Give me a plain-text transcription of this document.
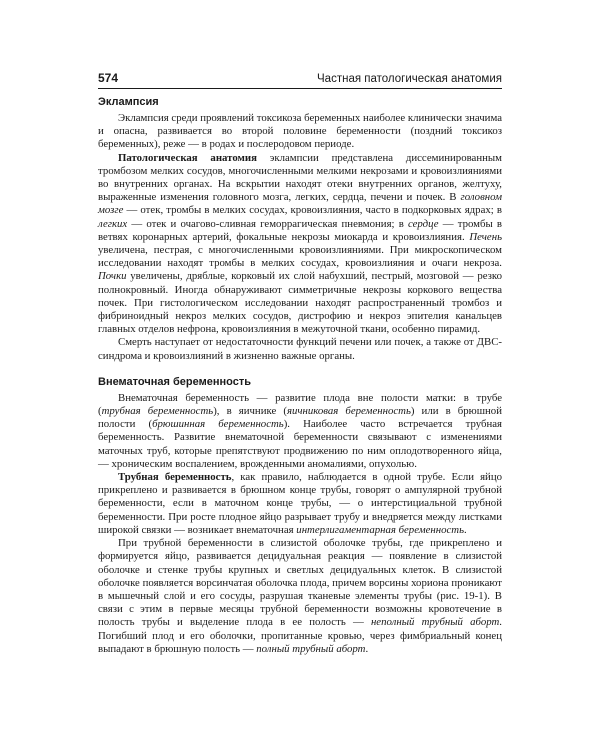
574	Частная патологическая анатомия
Эклампсия

Эклампсия среди проявлений токсикоза беременных наиболее клинически значима и опасна, развивается во второй половине беременности (поздний токсикоз беременных), реже — в родах и послеродовом периоде.

Патологическая анатомия эклампсии представлена диссеминированным тромбозом мелких сосудов, многочисленными мелкими некрозами и кровоизлияниями во внутренних органах. На вскрытии находят отеки внутренних органов, желтуху, выраженные изменения головного мозга, легких, сердца, печени и почек. В головном мозге — отек, тромбы в мелких сосудах, кровоизлияния, часто в подкорковых ядрах; в легких — отек и очагово-сливная геморрагическая пневмония; в сердце — тромбы в ветвях коронарных артерий, фокальные некрозы миокарда и кровоизлияния. Печень увеличена, пестрая, с многочисленными кровоизлияниями. При микроскопическом исследовании находят тромбы в мелких сосудах, кровоизлияния и очаги некроза. Почки увеличены, дряблые, корковый их слой набухший, пестрый, мозговой — резко полнокровный. Иногда обнаруживают симметричные некрозы коркового вещества почек. При гистологическом исследовании находят распространенный тромбоз и фибриноидный некроз мелких сосудов, дистрофию и некроз эпителия канальцев главных отделов нефрона, кровоизлияния в межуточной ткани, особенно пирамид.

Смерть наступает от недостаточности функций печени или почек, а также от ДВС-синдрома и кровоизлияний в жизненно важные органы.

Внематочная беременность

Внематочная беременность — развитие плода вне полости матки: в трубе (трубная беременность), в яичнике (яичниковая беременность) или в брюшной полости (брюшинная беременность). Наиболее часто встречается трубная беременность. Развитие внематочной беременности связывают с изменениями маточных труб, которые препятствуют продвижению по ним оплодотворенного яйца, — хроническим воспалением, врожденными аномалиями, опухолью.

Трубная беременность, как правило, наблюдается в одной трубе. Если яйцо прикреплено и развивается в брюшном конце трубы, говорят о ампулярной трубной беременности, если в маточном конце трубы, — о интерстициальной трубной беременности. При росте плодное яйцо разрывает трубу и внедряется между листками широкой связки — возникает внематочная интерлигаментарная беременность.

При трубной беременности в слизистой оболочке трубы, где прикреплено и формируется яйцо, развивается децидуальная реакция — появление в слизистой оболочке и стенке трубы крупных и светлых децидуальных клеток. В слизистой оболочке появляется ворсинчатая оболочка плода, причем ворсины хориона проникают в мышечный слой и его сосуды, разрушая тканевые элементы трубы (рис. 19-1). В связи с этим в первые месяцы трубной беременности возможны кровотечение в полость трубы и выделение плода в ее полость — неполный трубный аборт. Погибший плод и его оболочки, пропитанные кровью, через фимбриальный конец выпадают в брюшную полость — полный трубный аборт.
